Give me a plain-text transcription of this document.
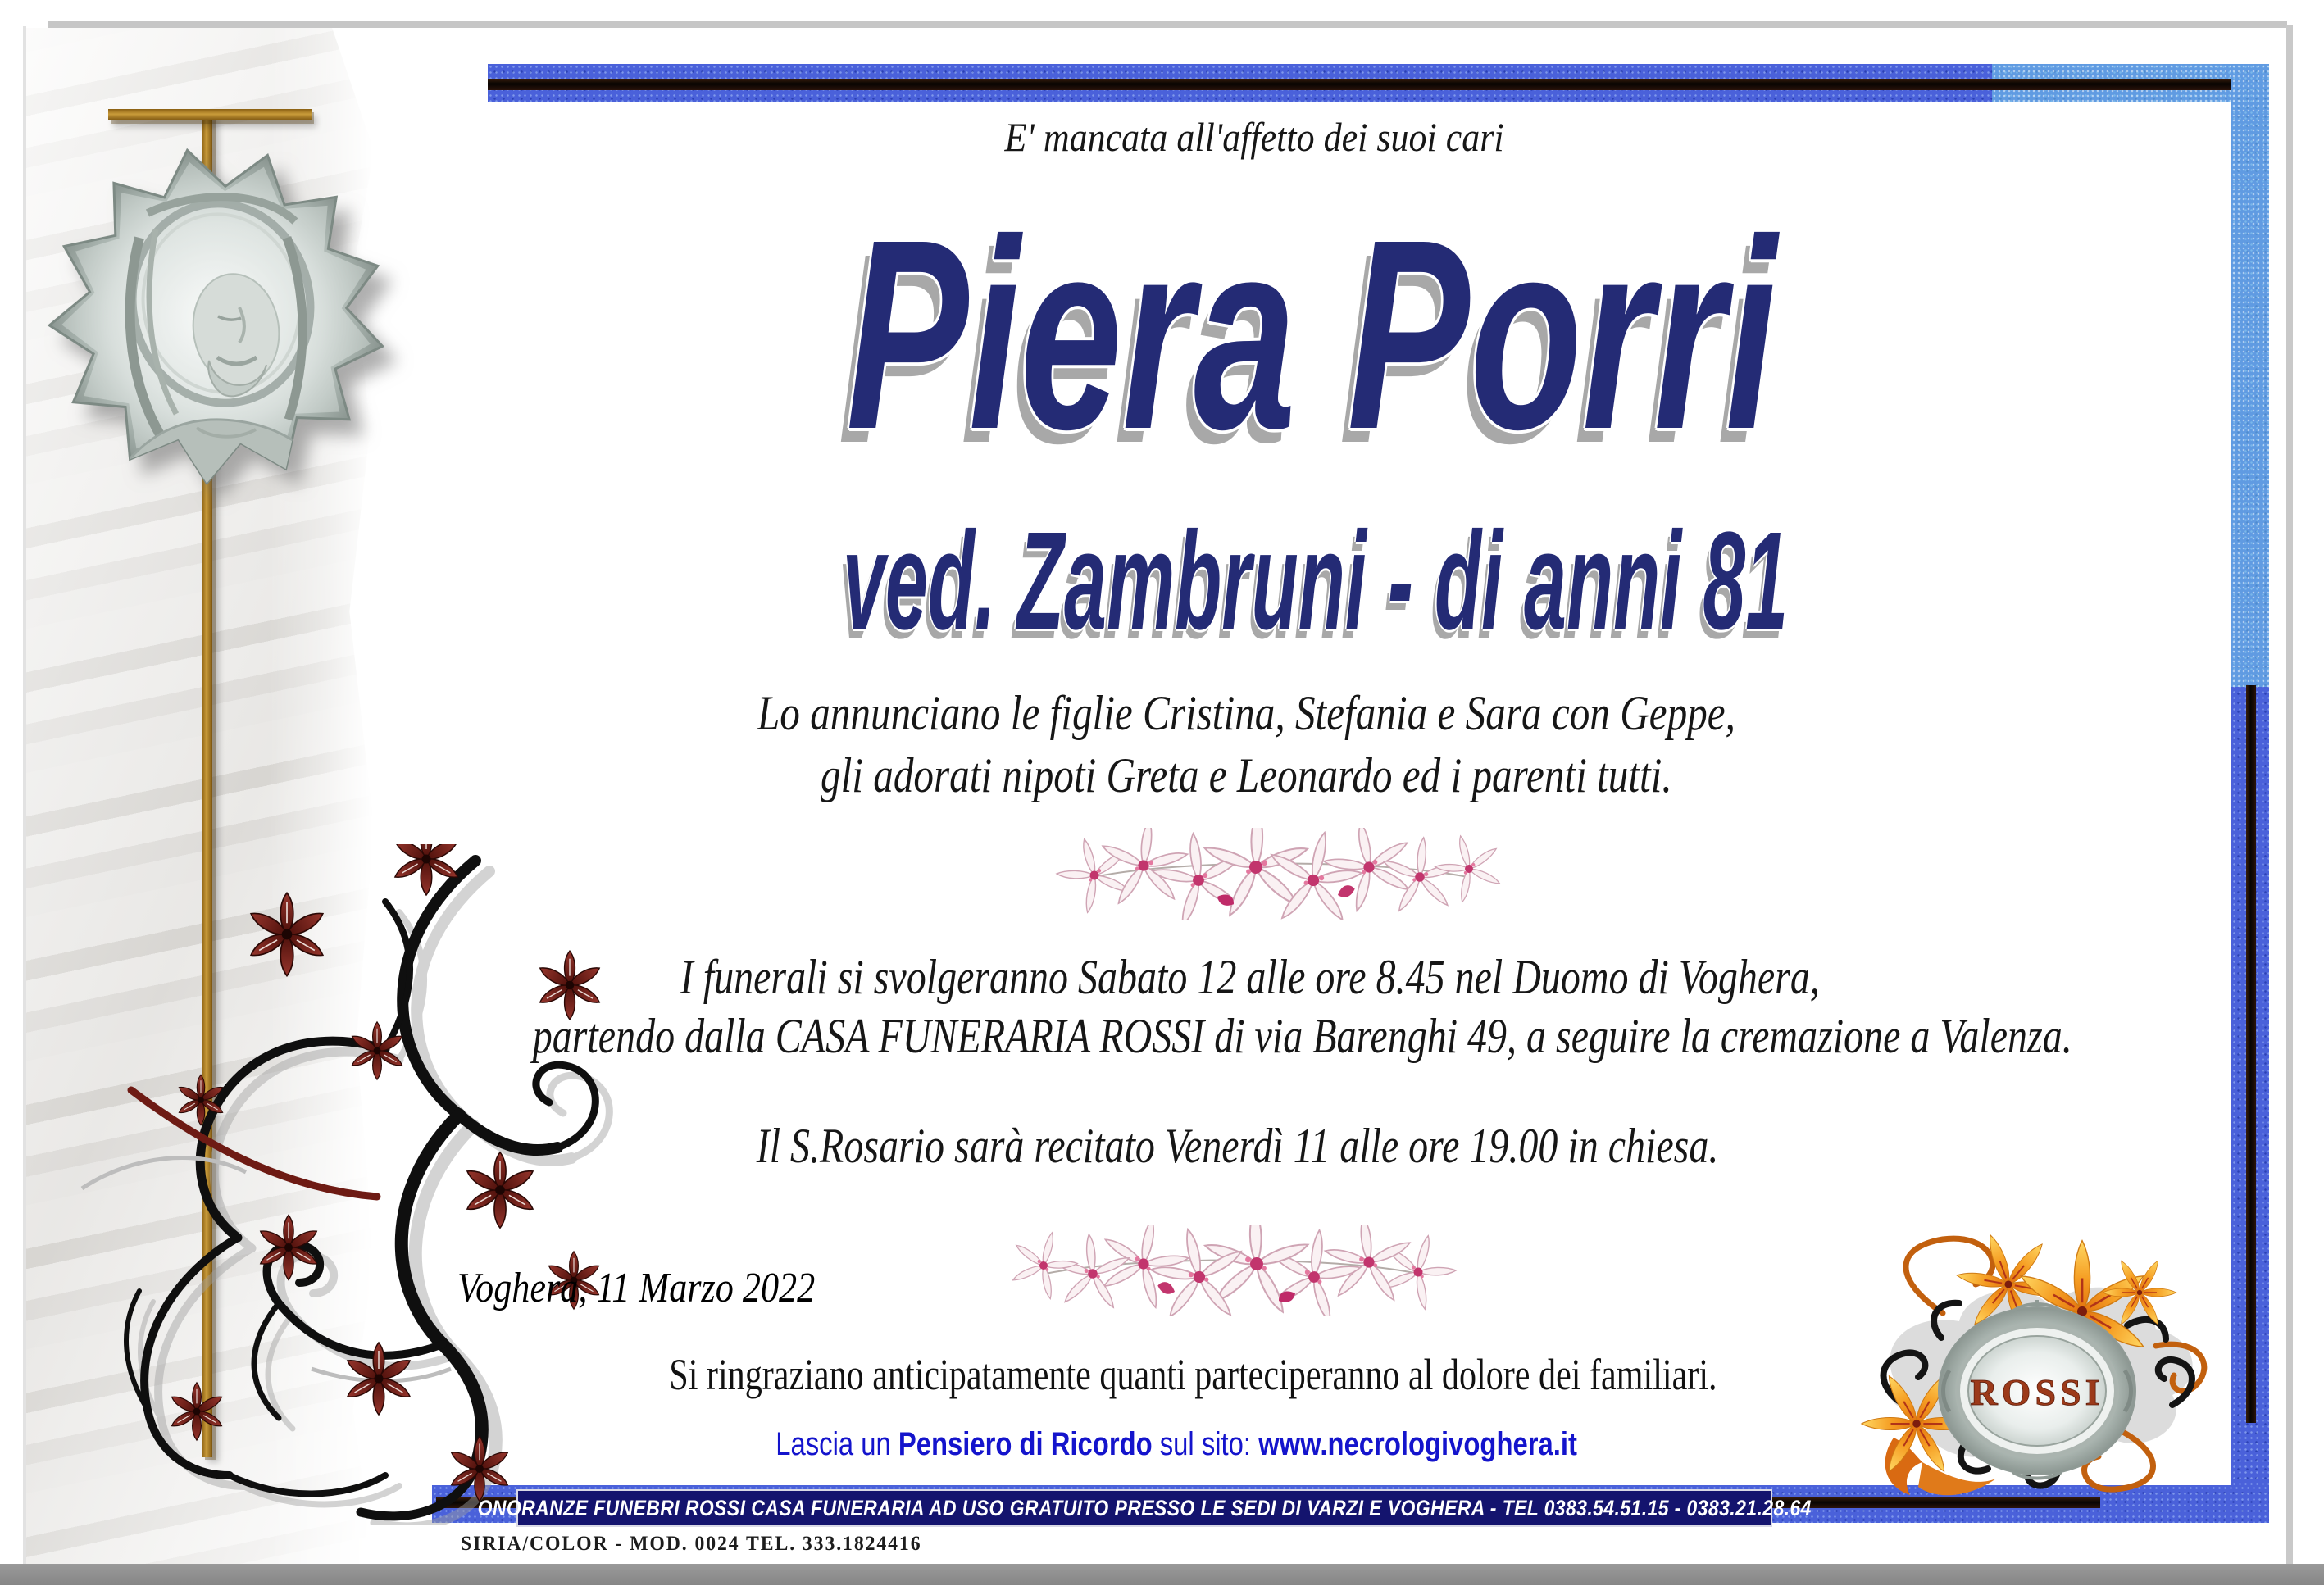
E' mancata all'affetto dei suoi cari
Piera Porri
ved. Zambruni - di anni 81
Lo annunciano le figlie Cristina, Stefania e Sara con Geppe,
gli adorati nipoti Greta e Leonardo ed i parenti tutti.
I funerali si svolgeranno Sabato 12 alle ore 8.45 nel Duomo di Voghera,
partendo dalla CASA FUNERARIA ROSSI di via Barenghi 49, a seguire la cremazione a Valenza.
Il S.Rosario sarà recitato Venerdì 11 alle ore 19.00 in chiesa.
Voghera, 11 Marzo 2022
Si ringraziano anticipatamente quanti parteciperanno al dolore dei familiari.
Lascia un Pensiero di Ricordo sul sito: www.necrologivoghera.it
ONORANZE FUNEBRI ROSSI CASA FUNERARIA AD USO GRATUITO PRESSO LE SEDI DI VARZI E VOGHERA - TEL 0383.54.51.15 - 0383.21.28.64
SIRIA/COLOR - MOD. 0024 TEL. 333.1824416
ROSSI
